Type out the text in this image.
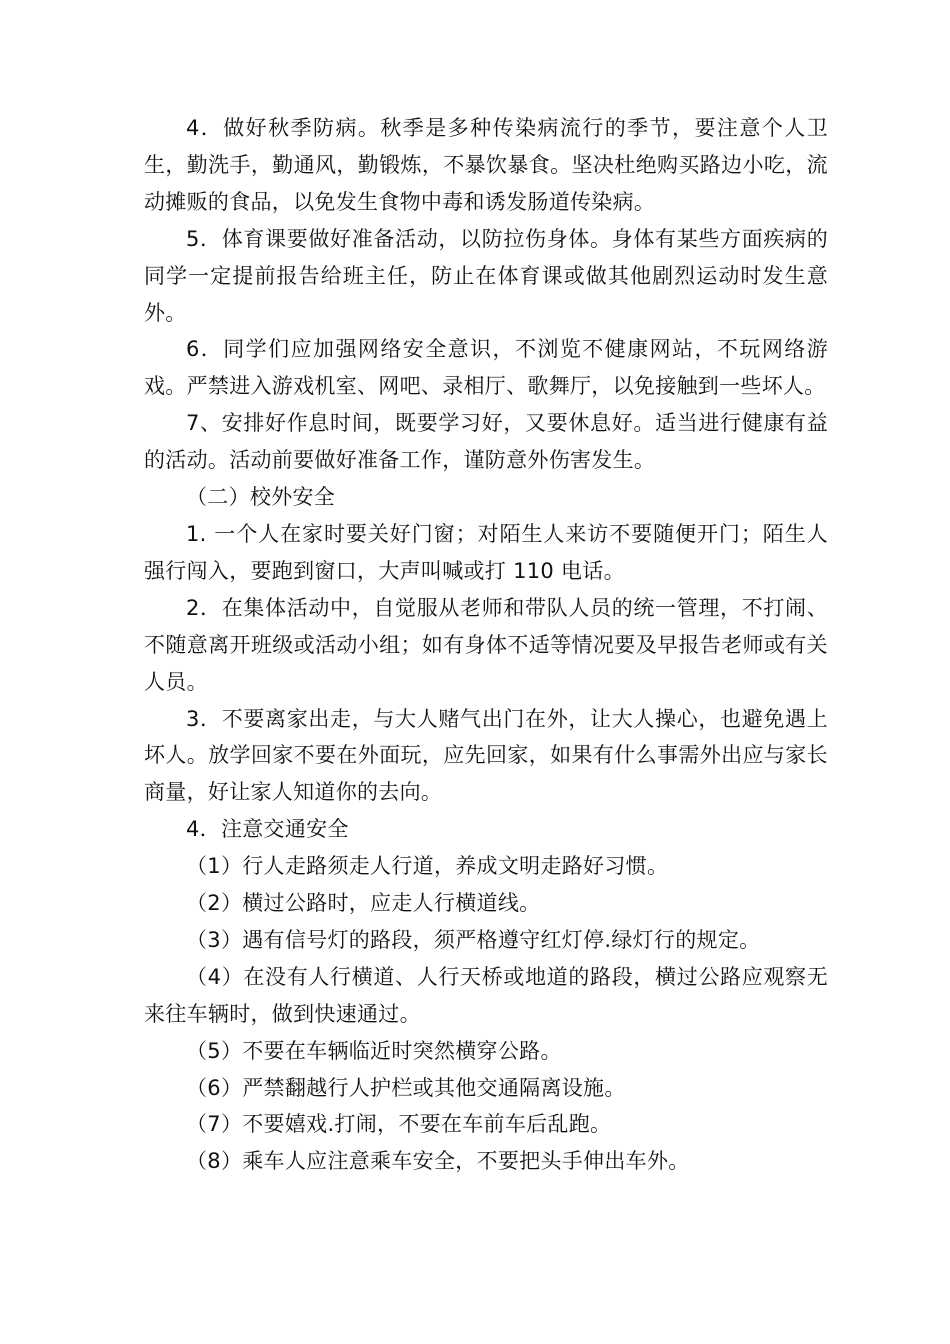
4．做好秋季防病。秋季是多种传染病流行的季节，要注意个人卫生，勤洗手，勤通风，勤锻炼，不暴饮暴食。坚决杜绝购买路边小吃，流动摊贩的食品，以免发生食物中毒和诱发肠道传染病。

5．体育课要做好准备活动，以防拉伤身体。身体有某些方面疾病的同学一定提前报告给班主任，防止在体育课或做其他剧烈运动时发生意外。

6．同学们应加强网络安全意识，不浏览不健康网站，不玩网络游戏。严禁进入游戏机室、网吧、录相厅、歌舞厅，以免接触到一些坏人。

7、安排好作息时间，既要学习好，又要休息好。适当进行健康有益的活动。活动前要做好准备工作，谨防意外伤害发生。

（二）校外安全

1. 一个人在家时要关好门窗；对陌生人来访不要随便开门；陌生人强行闯入，要跑到窗口，大声叫喊或打 110 电话。

2．在集体活动中，自觉服从老师和带队人员的统一管理，不打闹、不随意离开班级或活动小组；如有身体不适等情况要及早报告老师或有关人员。

3．不要离家出走，与大人赌气出门在外，让大人操心，也避免遇上坏人。放学回家不要在外面玩，应先回家，如果有什么事需外出应与家长商量，好让家人知道你的去向。

4．注意交通安全

（1）行人走路须走人行道，养成文明走路好习惯。

（2）横过公路时，应走人行横道线。

（3）遇有信号灯的路段，须严格遵守红灯停.绿灯行的规定。

（4）在没有人行横道、人行天桥或地道的路段，横过公路应观察无来往车辆时，做到快速通过。

（5）不要在车辆临近时突然横穿公路。

（6）严禁翻越行人护栏或其他交通隔离设施。

（7）不要嬉戏.打闹，不要在车前车后乱跑。

（8）乘车人应注意乘车安全，不要把头手伸出车外。
